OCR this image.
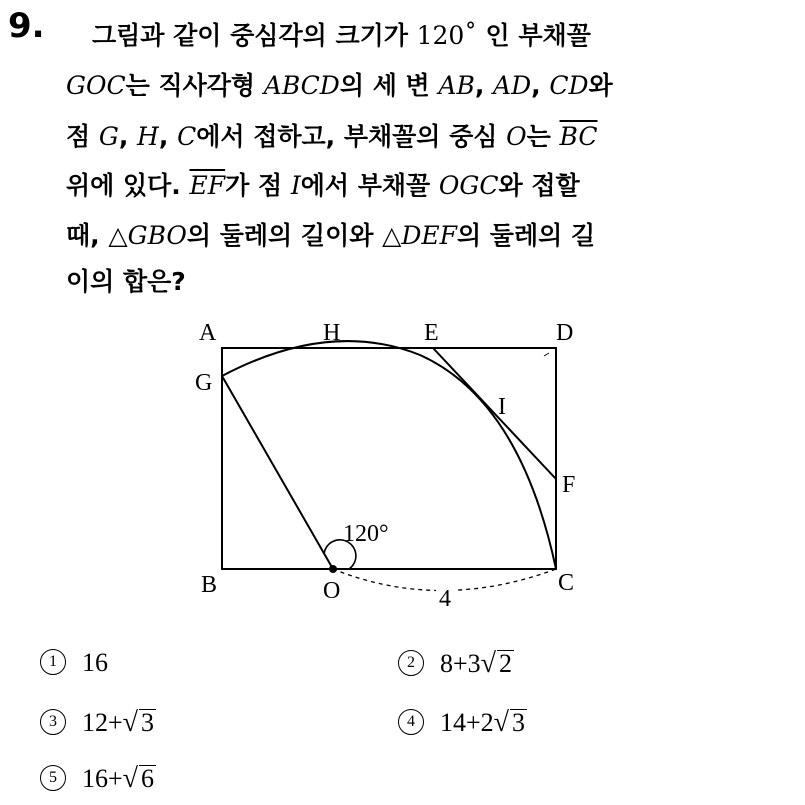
9. 그림과 같이 중심각의 크기가 120˚ 인 부채꼴
GOC는 직사각형 ABCD의 세 변 AB, AD, CD와
점 G, H, C에서 접하고, 부채꼴의 중심 O는 $\overline{BC}$
위에 있다. $\overline{EF}$가 점 I에서 부채꼴 OGC와 접할
때, △GBO의 둘레의 길이와 △DEF의 둘레의 길
이의 합은?
A	H	E	D
G
I
F
B	O	C
120°
4
1 16	2 8+3√ 2
3 12+√ 3	4 14+2√ 3
5 16+√ 6
